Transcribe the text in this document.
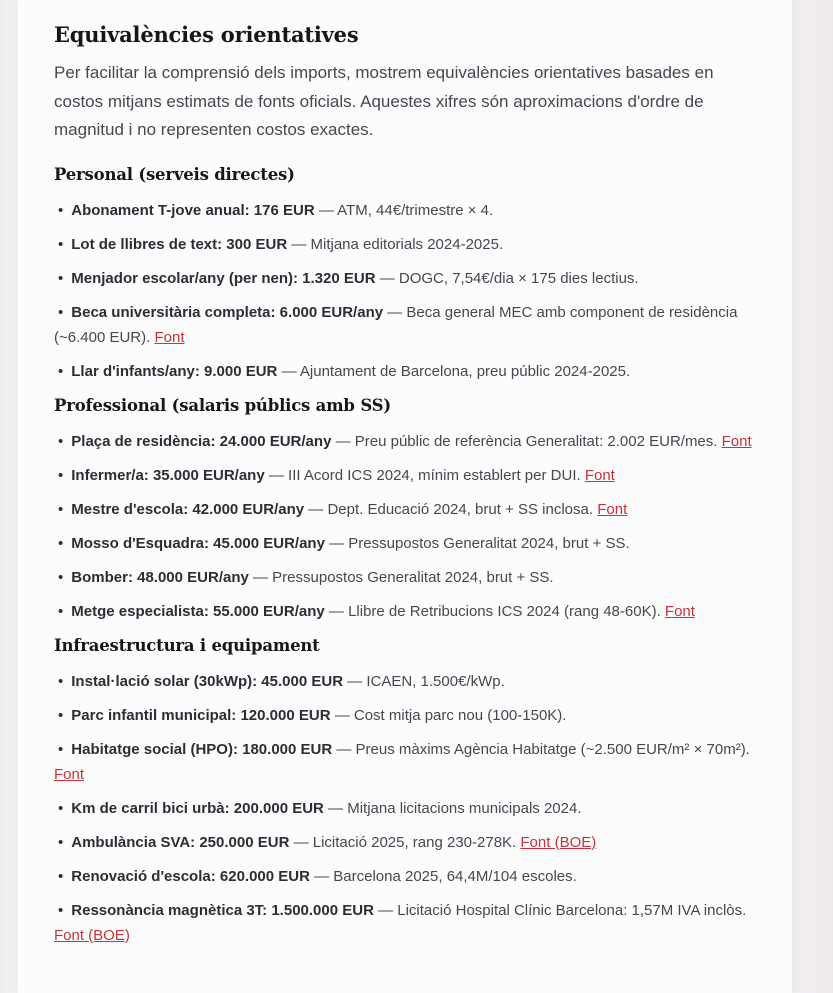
Equivalències orientatives

Per facilitar la comprensió dels imports, mostrem equivalències orientatives basades en costos mitjans estimats de fonts oficials. Aquestes xifres són aproximacions d'ordre de magnitud i no representen costos exactes.

Personal (serveis directes)
• Abonament T-jove anual: 176 EUR — ATM, 44€/trimestre × 4.
• Lot de llibres de text: 300 EUR — Mitjana editorials 2024-2025.
• Menjador escolar/any (per nen): 1.320 EUR — DOGC, 7,54€/dia × 175 dies lectius.
• Beca universitària completa: 6.000 EUR/any — Beca general MEC amb component de residència (~6.400 EUR). Font
• Llar d'infants/any: 9.000 EUR — Ajuntament de Barcelona, preu públic 2024-2025.
Professional (salaris públics amb SS)
• Plaça de residència: 24.000 EUR/any — Preu públic de referència Generalitat: 2.002 EUR/mes. Font
• Infermer/a: 35.000 EUR/any — III Acord ICS 2024, mínim establert per DUI. Font
• Mestre d'escola: 42.000 EUR/any — Dept. Educació 2024, brut + SS inclosa. Font
• Mosso d'Esquadra: 45.000 EUR/any — Pressupostos Generalitat 2024, brut + SS.
• Bomber: 48.000 EUR/any — Pressupostos Generalitat 2024, brut + SS.
• Metge especialista: 55.000 EUR/any — Llibre de Retribucions ICS 2024 (rang 48-60K). Font
Infraestructura i equipament
• Instal·lació solar (30kWp): 45.000 EUR — ICAEN, 1.500€/kWp.
• Parc infantil municipal: 120.000 EUR — Cost mitja parc nou (100-150K).
• Habitatge social (HPO): 180.000 EUR — Preus màxims Agència Habitatge (~2.500 EUR/m² × 70m²). Font
• Km de carril bici urbà: 200.000 EUR — Mitjana licitacions municipals 2024.
• Ambulància SVA: 250.000 EUR — Licitació 2025, rang 230-278K. Font (BOE)
• Renovació d'escola: 620.000 EUR — Barcelona 2025, 64,4M/104 escoles.
• Ressonància magnètica 3T: 1.500.000 EUR — Licitació Hospital Clínic Barcelona: 1,57M IVA inclòs. Font (BOE)
